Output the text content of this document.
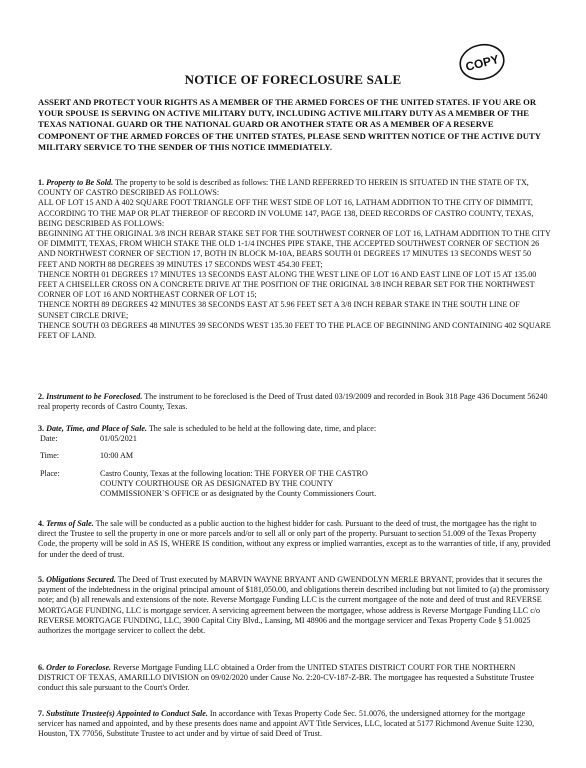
COPY
NOTICE OF FORECLOSURE SALE
ASSERT AND PROTECT YOUR RIGHTS AS A MEMBER OF THE ARMED FORCES OF THE UNITED STATES. IF YOU ARE OR YOUR SPOUSE IS SERVING ON ACTIVE MILITARY DUTY, INCLUDING ACTIVE MILITARY DUTY AS A MEMBER OF THE TEXAS NATIONAL GUARD OR THE NATIONAL GUARD OR ANOTHER STATE OR AS A MEMBER OF A RESERVE COMPONENT OF THE ARMED FORCES OF THE UNITED STATES, PLEASE SEND WRITTEN NOTICE OF THE ACTIVE DUTY MILITARY SERVICE TO THE SENDER OF THIS NOTICE IMMEDIATELY.

1. Property to Be Sold. The property to be sold is described as follows: THE LAND REFERRED TO HEREIN IS SITUATED IN THE STATE OF TX, COUNTY OF CASTRO DESCRIBED AS FOLLOWS:

ALL OF LOT 15 AND A 402 SQUARE FOOT TRIANGLE OFF THE WEST SIDE OF LOT 16, LATHAM ADDITION TO THE CITY OF DIMMITT, ACCORDING TO THE MAP OR PLAT THEREOF OF RECORD IN VOLUME 147, PAGE 138, DEED RECORDS OF CASTRO COUNTY, TEXAS, BEING DESCRIBED AS FOLLOWS:

BEGINNING AT THE ORIGINAL 3/8 INCH REBAR STAKE SET FOR THE SOUTHWEST CORNER OF LOT 16, LATHAM ADDITION TO THE CITY OF DIMMITT, TEXAS, FROM WHICH STAKE THE OLD 1-1/4 INCHES PIPE STAKE, THE ACCEPTED SOUTHWEST CORNER OF SECTION 26 AND NORTHWEST CORNER OF SECTION 17, BOTH IN BLOCK M-10A, BEARS SOUTH 01 DEGREES 17 MINUTES 13 SECONDS WEST 50 FEET AND NORTH 88 DEGREES 39 MINUTES 17 SECONDS WEST 454.30 FEET;

THENCE NORTH 01 DEGREES 17 MINUTES 13 SECONDS EAST ALONG THE WEST LINE OF LOT 16 AND EAST LINE OF LOT 15 AT 135.00 FEET A CHISELLER CROSS ON A CONCRETE DRIVE AT THE POSITION OF THE ORIGINAL 3/8 INCH REBAR SET FOR THE NORTHWEST CORNER OF LOT 16 AND NORTHEAST CORNER OF LOT 15;

THENCE NORTH 89 DEGREES 42 MINUTES 38 SECONDS EAST AT 5.96 FEET SET A 3/8 INCH REBAR STAKE IN THE SOUTH LINE OF SUNSET CIRCLE DRIVE;

THENCE SOUTH 03 DEGREES 48 MINUTES 39 SECONDS WEST 135.30 FEET TO THE PLACE OF BEGINNING AND CONTAINING 402 SQUARE FEET OF LAND.

2. Instrument to be Foreclosed. The instrument to be foreclosed is the Deed of Trust dated 03/19/2009 and recorded in Book 318 Page 436 Document 56240 real property records of Castro County, Texas.

3. Date, Time, and Place of Sale. The sale is scheduled to be held at the following date, time, and place:

Date:	01/05/2021

Time:	10:00 AM

Place:	Castro County, Texas at the following location: THE FORYER OF THE CASTRO COUNTY COURTHOUSE OR AS DESIGNATED BY THE COUNTY COMMISSIONER`S OFFICE or as designated by the County Commissioners Court.

4. Terms of Sale. The sale will be conducted as a public auction to the highest bidder for cash. Pursuant to the deed of trust, the mortgagee has the right to direct the Trustee to sell the property in one or more parcels and/or to sell all or only part of the property. Pursuant to section 51.009 of the Texas Property Code, the property will be sold in AS IS, WHERE IS condition, without any express or implied warranties, except as to the warranties of title, if any, provided for under the deed of trust.

5. Obligations Secured. The Deed of Trust executed by MARVIN WAYNE BRYANT AND GWENDOLYN MERLE BRYANT, provides that it secures the payment of the indebtedness in the original principal amount of $181,050.00, and obligations therein described including but not limited to (a) the promissory note; and (b) all renewals and extensions of the note. Reverse Mortgage Funding LLC is the current mortgagee of the note and deed of trust and REVERSE MORTGAGE FUNDING, LLC is mortgage servicer. A servicing agreement between the mortgagee, whose address is Reverse Mortgage Funding LLC c/o REVERSE MORTGAGE FUNDING, LLC, 3900 Capital City Blvd., Lansing, MI 48906 and the mortgage servicer and Texas Property Code § 51.0025 authorizes the mortgage servicer to collect the debt.

6. Order to Foreclose. Reverse Mortgage Funding LLC obtained a Order from the UNITED STATES DISTRICT COURT FOR THE NORTHERN DISTRICT OF TEXAS, AMARILLO DIVISION on 09/02/2020 under Cause No. 2:20-CV-187-Z-BR. The mortgagee has requested a Substitute Trustee conduct this sale pursuant to the Court's Order.

7. Substitute Trustee(s) Appointed to Conduct Sale. In accordance with Texas Property Code Sec. 51.0076, the undersigned attorney for the mortgage servicer has named and appointed, and by these presents does name and appoint AVT Title Services, LLC, located at 5177 Richmond Avenue Suite 1230, Houston, TX 77056, Substitute Trustee to act under and by virtue of said Deed of Trust.
